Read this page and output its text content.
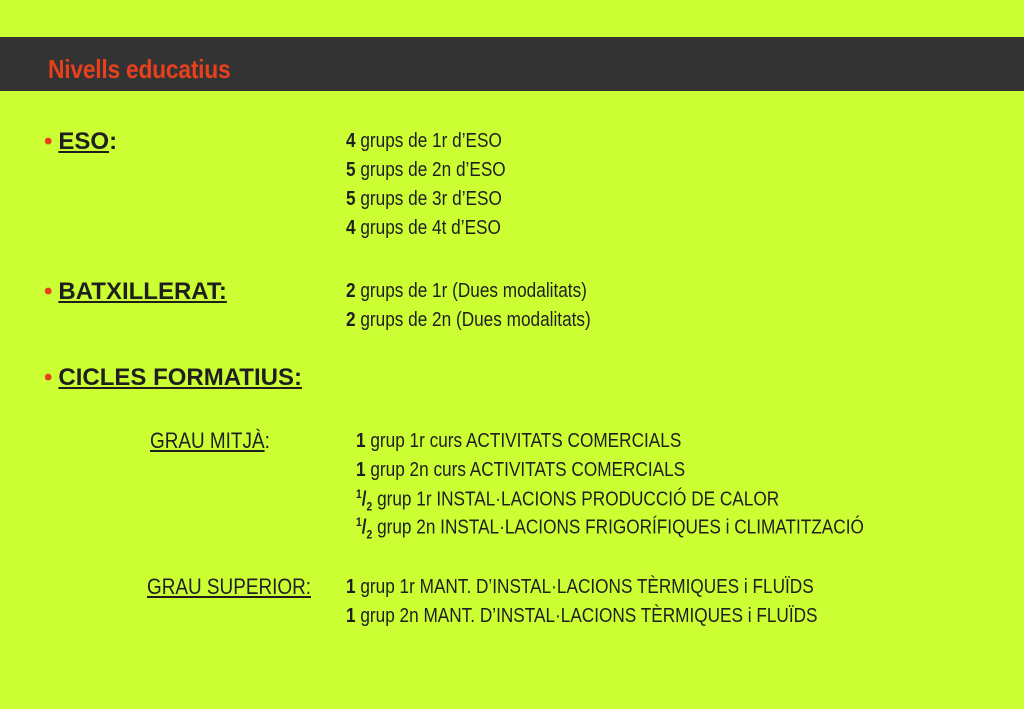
Nivells educatius
• ESO:	4 grups de 1r d’ESO
5 grups de 2n d’ESO
5 grups de 3r d’ESO
4 grups de 4t d’ESO
• BATXILLERAT:	2 grups de 1r (Dues modalitats)
2 grups de 2n (Dues modalitats)
• CICLES FORMATIUS:
GRAU MITJÀ:	1 grup 1r curs ACTIVITATS COMERCIALS
1 grup 2n curs ACTIVITATS COMERCIALS
$^1/_2$ grup 1r INSTAL·LACIONS PRODUCCIÓ DE CALOR
$^1/_2$ grup 2n INSTAL·LACIONS FRIGORÍFIQUES i CLIMATITZACIÓ
GRAU SUPERIOR: 1 grup 1r MANT. D’INSTAL·LACIONS TÈRMIQUES i FLUÏDS
1 grup 2n MANT. D’INSTAL·LACIONS TÈRMIQUES i FLUÏDS
